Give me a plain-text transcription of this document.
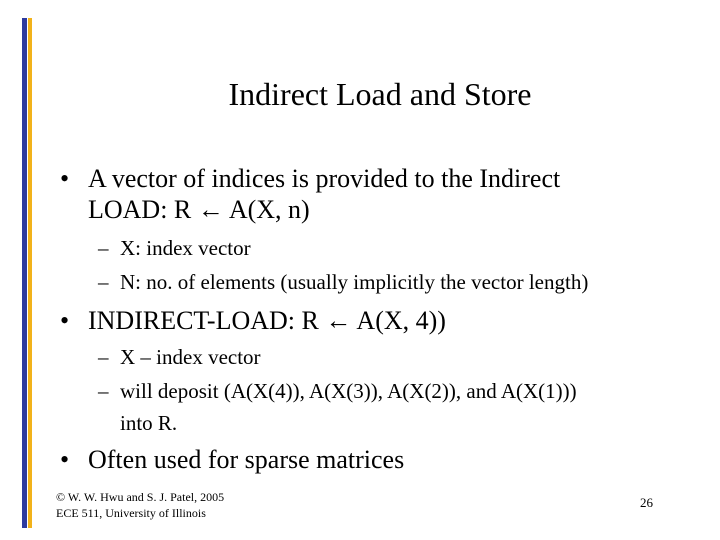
Indirect Load and Store
• A vector of indices is provided to the Indirect
LOAD: R ← A(X, n)
– X: index vector
– N: no. of elements (usually implicitly the vector length)
• INDIRECT-LOAD: R ← A(X, 4))
– X – index vector
– will deposit (A(X(4)), A(X(3)), A(X(2)), and A(X(1)))
into R.
• Often used for sparse matrices
© W. W. Hwu and S. J. Patel, 2005
ECE 511, University of Illinois
26
